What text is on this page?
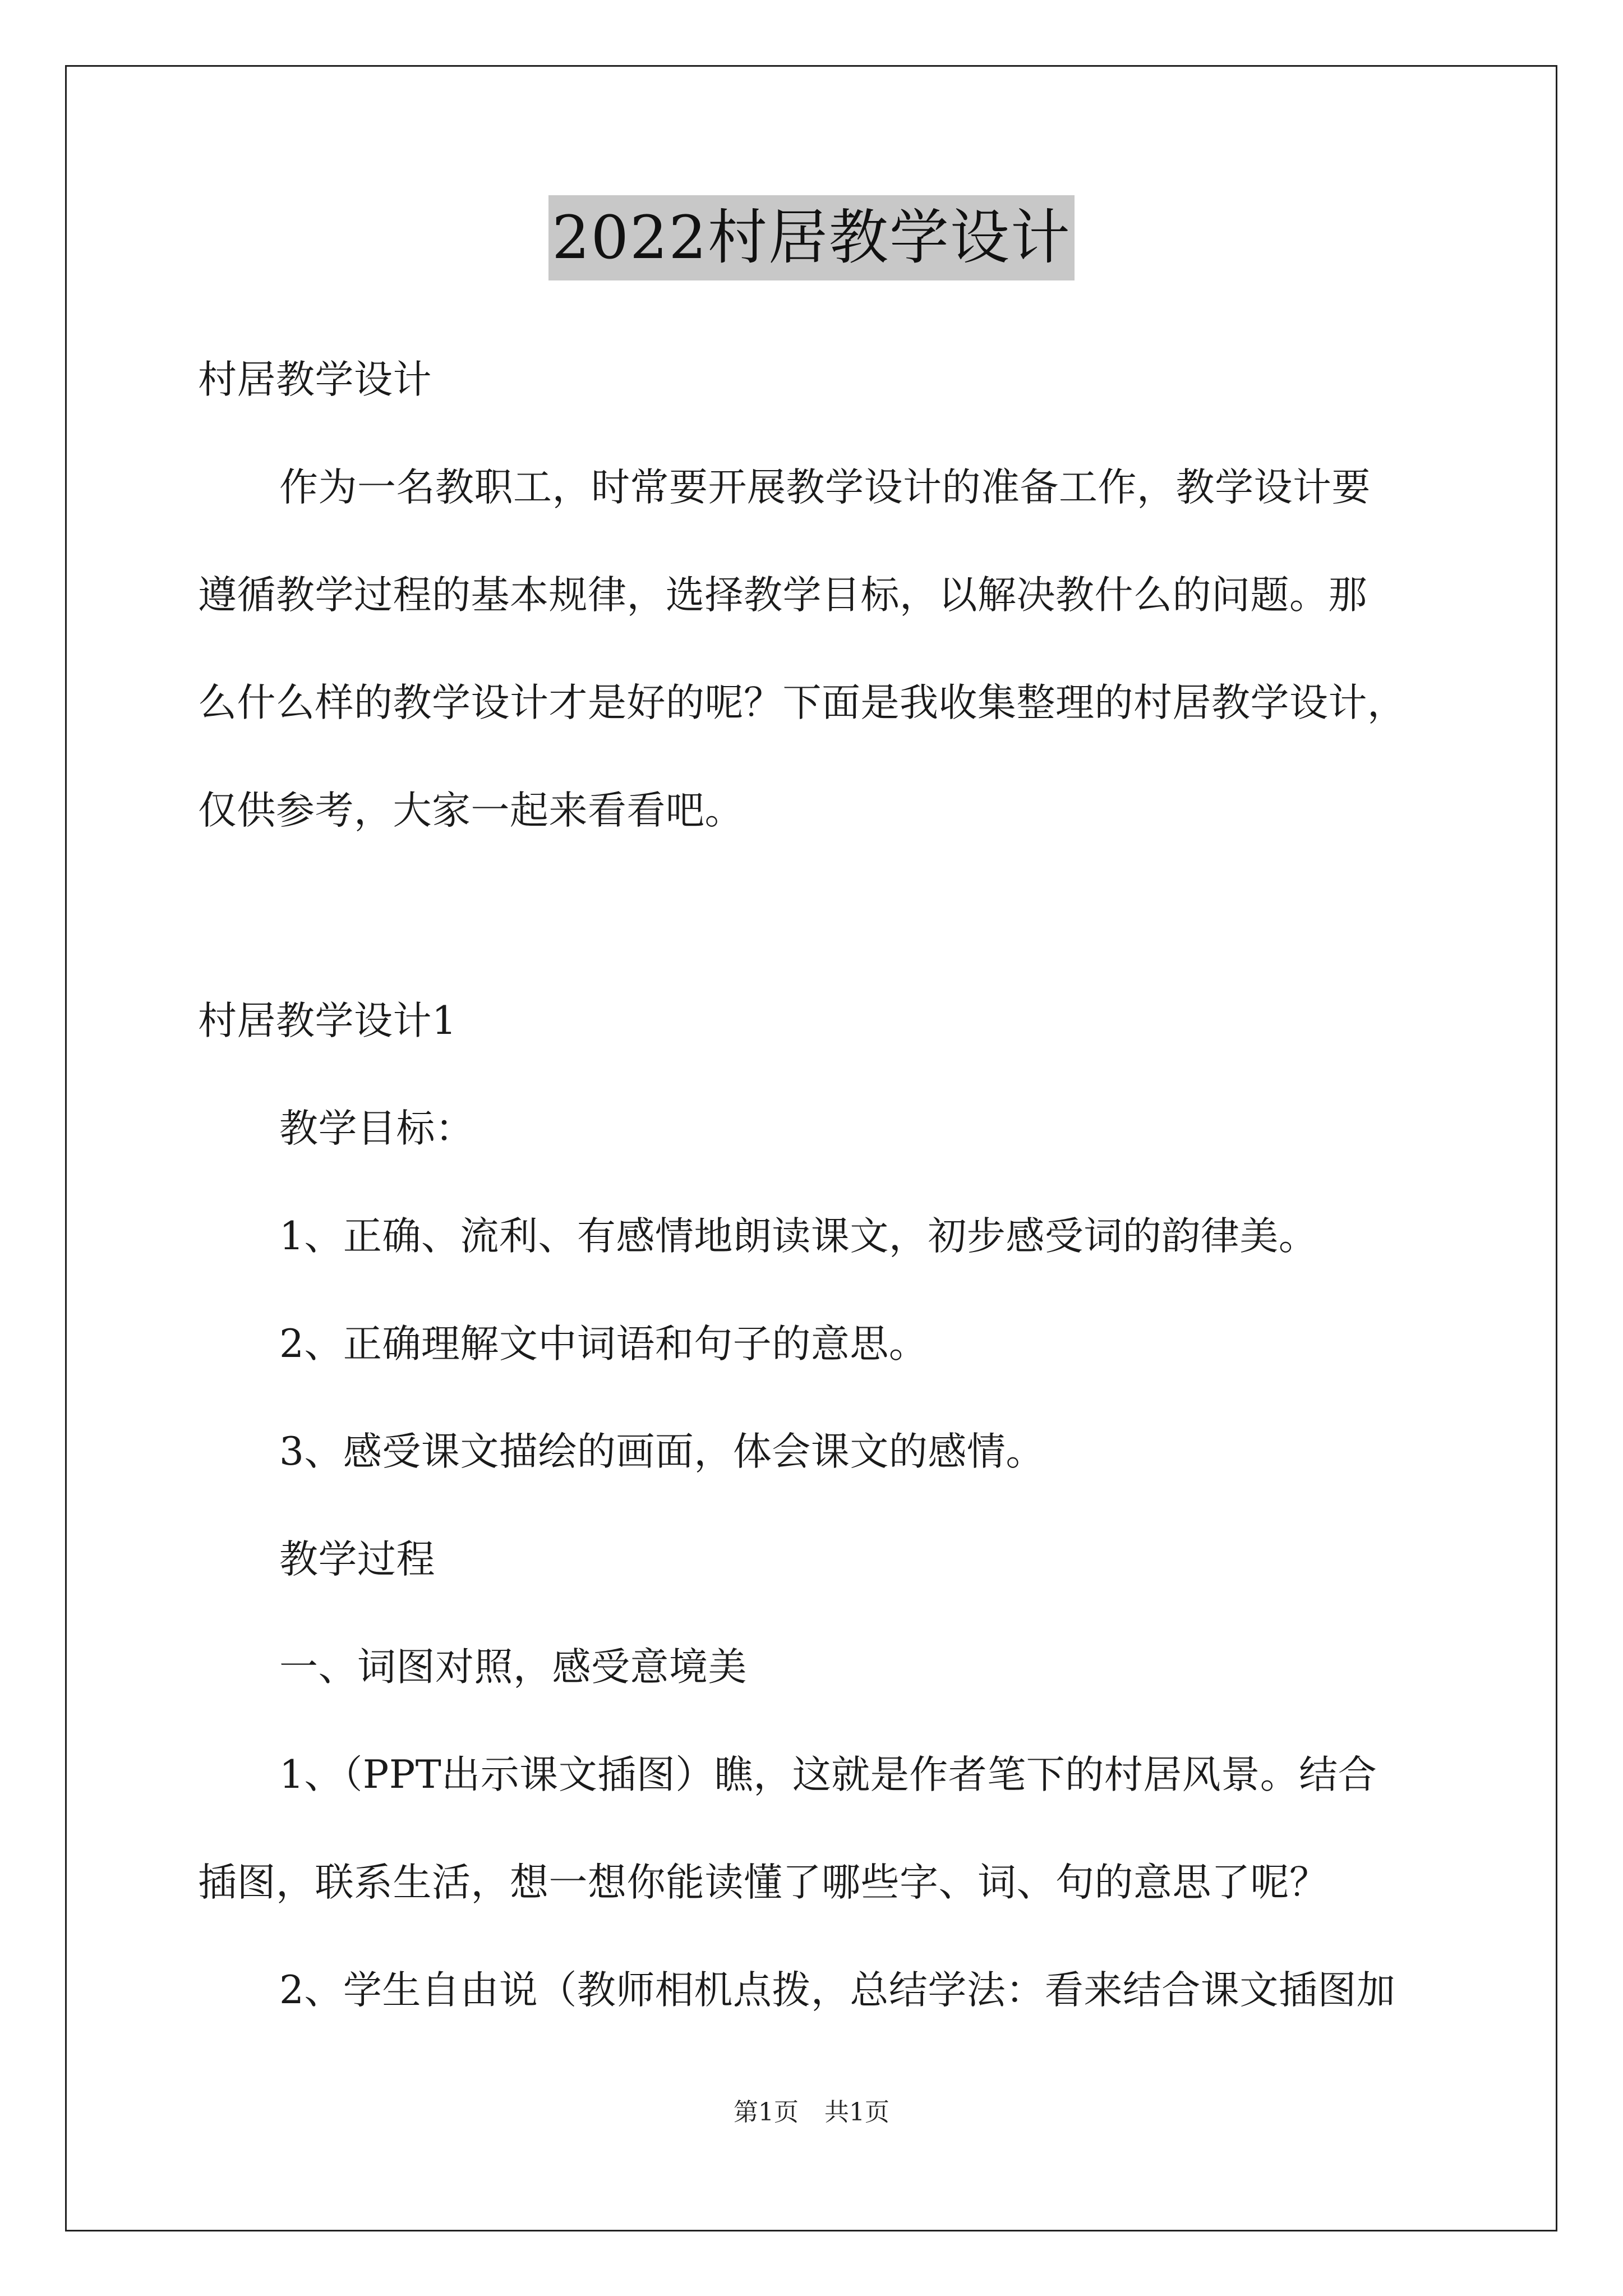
2022村居教学设计
村居教学设计
作为一名教职工，时常要开展教学设计的准备工作，教学设计要
遵循教学过程的基本规律，选择教学目标，以解决教什么的问题。那
么什么样的教学设计才是好的呢？下面是我收集整理的村居教学设计，
仅供参考，大家一起来看看吧。
村居教学设计1
教学目标：
1、正确、流利、有感情地朗读课文，初步感受词的韵律美。
2、正确理解文中词语和句子的意思。
3、感受课文描绘的画面，体会课文的感情。
教学过程
一、词图对照，感受意境美
1、（PPT出示课文插图）瞧，这就是作者笔下的村居风景。结合
插图，联系生活，想一想你能读懂了哪些字、词、句的意思了呢？
2、学生自由说（教师相机点拨，总结学法：看来结合课文插图加
第1页 共1页
